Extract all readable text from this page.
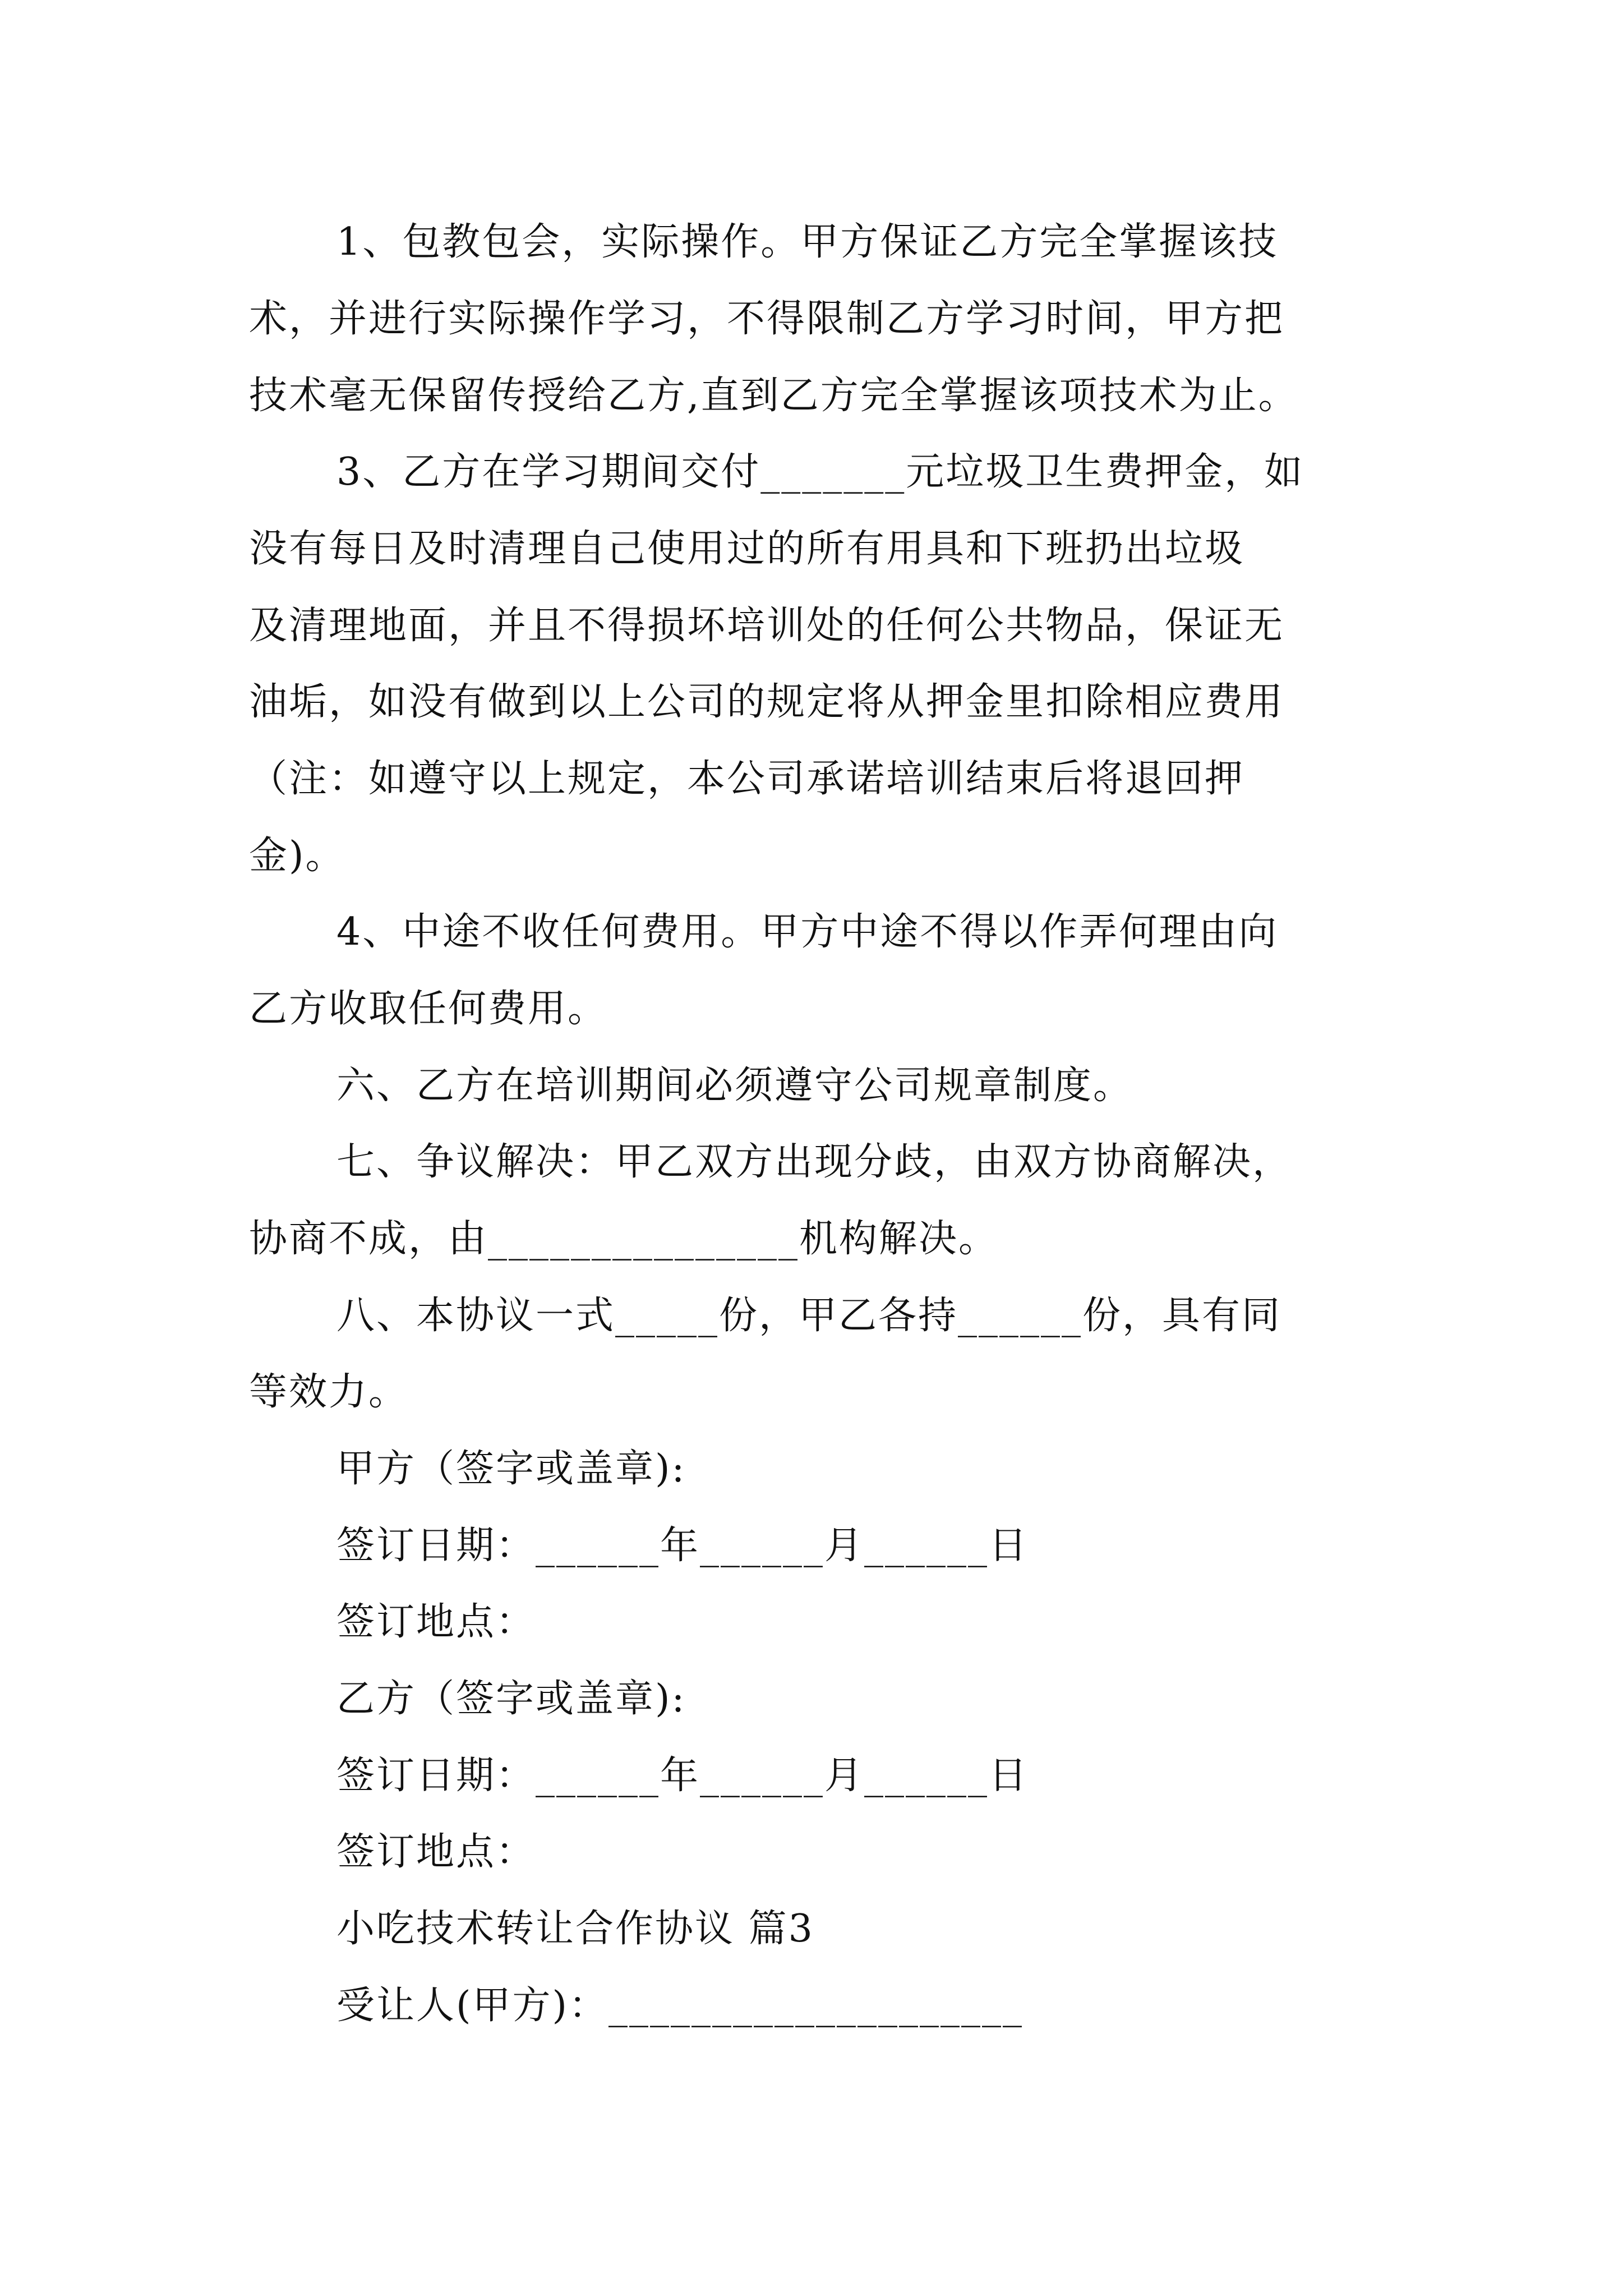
1、包教包会，实际操作。甲方保证乙方完全掌握该技
术，并进行实际操作学习，不得限制乙方学习时间，甲方把
技术毫无保留传授给乙方,直到乙方完全掌握该项技术为止。
3、乙方在学习期间交付_______元垃圾卫生费押金，如
没有每日及时清理自己使用过的所有用具和下班扔出垃圾
及清理地面，并且不得损坏培训处的任何公共物品，保证无
油垢，如没有做到以上公司的规定将从押金里扣除相应费用
（注：如遵守以上规定，本公司承诺培训结束后将退回押
金)。
4、中途不收任何费用。甲方中途不得以作弄何理由向
乙方收取任何费用。
六、乙方在培训期间必须遵守公司规章制度。
七、争议解决：甲乙双方出现分歧，由双方协商解决，
协商不成，由_______________机构解决。
八、本协议一式_____份，甲乙各持______份，具有同
等效力。
甲方（签字或盖章):
签订日期：______年______月______日
签订地点：
乙方（签字或盖章):
签订日期：______年______月______日
签订地点：
小吃技术转让合作协议 篇3
受让人(甲方)：____________________
